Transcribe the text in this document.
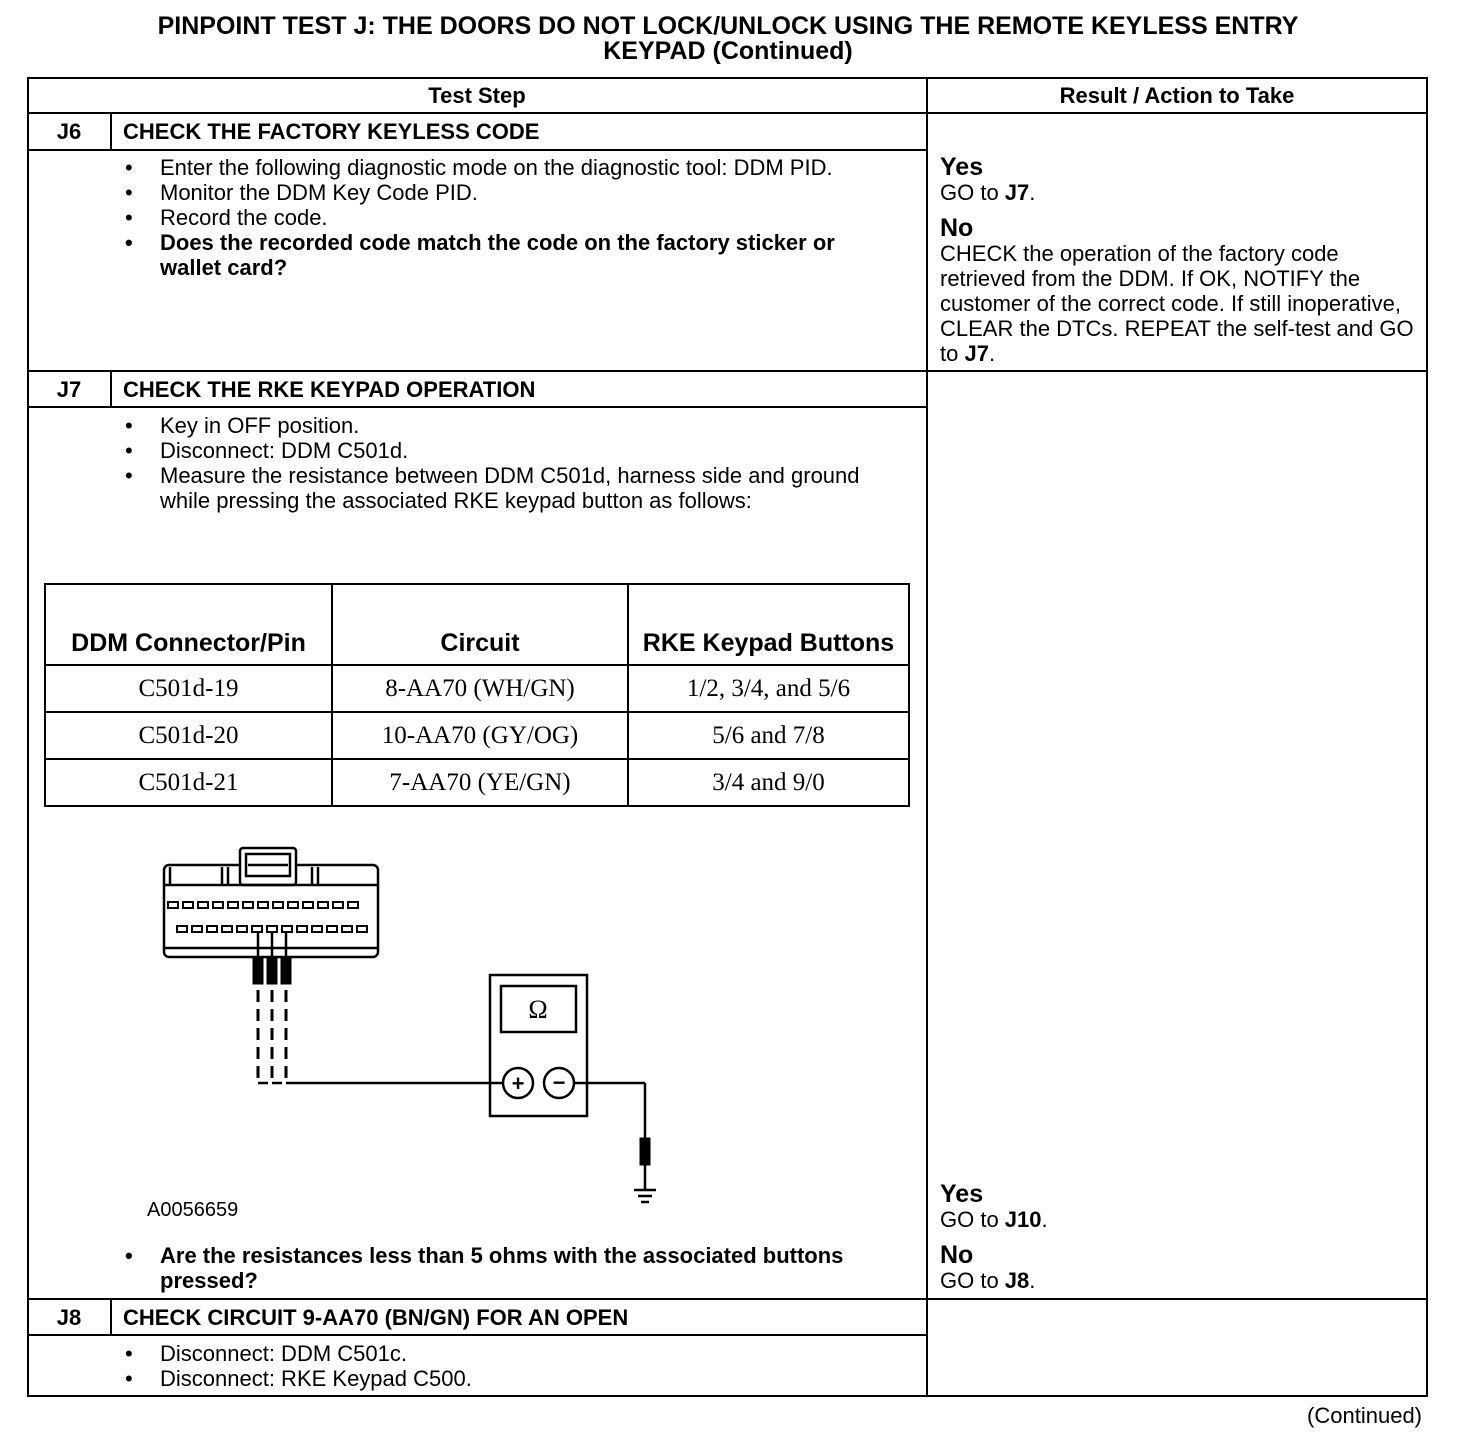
PINPOINT TEST J: THE DOORS DO NOT LOCK/UNLOCK USING THE REMOTE KEYLESS ENTRY
KEYPAD (Continued)
Test Step	Result / Action to Take
J6	CHECK THE FACTORY KEYLESS CODE
• Enter the following diagnostic mode on the diagnostic tool: DDM PID.
• Monitor the DDM Key Code PID.
• Record the code.
• Does the recorded code match the code on the factory sticker or wallet card?
Yes
GO to J7.
No
CHECK the operation of the factory code retrieved from the DDM. If OK, NOTIFY the customer of the correct code. If still inoperative, CLEAR the DTCs. REPEAT the self-test and GO to J7.
J7	CHECK THE RKE KEYPAD OPERATION
• Key in OFF position.
• Disconnect: DDM C501d.
• Measure the resistance between DDM C501d, harness side and ground while pressing the associated RKE keypad button as follows:
DDM Connector/Pin	Circuit	RKE Keypad Buttons
C501d-19	8-AA70 (WH/GN)	1/2, 3/4, and 5/6
C501d-20	10-AA70 (GY/OG)	5/6 and 7/8
C501d-21	7-AA70 (YE/GN)	3/4 and 9/0
Ω
+ −
A0056659
• Are the resistances less than 5 ohms with the associated buttons pressed?
Yes
GO to J10.
No
GO to J8.
J8	CHECK CIRCUIT 9-AA70 (BN/GN) FOR AN OPEN
• Disconnect: DDM C501c.
• Disconnect: RKE Keypad C500.
(Continued)
